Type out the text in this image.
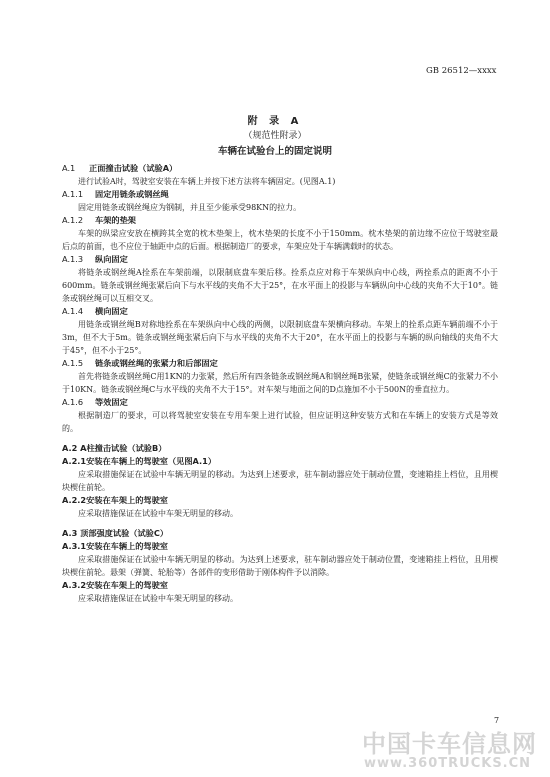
GB 26512—xxxx
附 录 A
（规范性附录）
车辆在试验台上的固定说明
A.1 正面撞击试验（试验A）

进行试验A时，驾驶室安装在车辆上并按下述方法将车辆固定。(见图A.1)

A.1.1 固定用链条或钢丝绳

固定用链条或钢丝绳应为钢制，并且至少能承受98KN的拉力。

A.1.2 车架的垫架

车架的纵梁应安放在横跨其全宽的枕木垫架上，枕木垫架的长度不小于150mm。枕木垫架的前边缘不应位于驾驶室最后点的前面，也不应位于轴距中点的后面。根据制造厂的要求，车架应处于车辆满载时的状态。

A.1.3 纵向固定

将链条或钢丝绳A拴系在车架前端，以限制底盘车架后移。拴系点应对称于车架纵向中心线，两拴系点的距离不小于600mm。链条或钢丝绳张紧后向下与水平线的夹角不大于25°，在水平面上的投影与车辆纵向中心线的夹角不大于10°。链条或钢丝绳可以互相交叉。

A.1.4 横向固定

用链条或钢丝绳B对称地拴系在车架纵向中心线的两侧，以限制底盘车架横向移动。车架上的拴系点距车辆前端不小于3m，但不大于5m。链条或钢丝绳张紧后向下与水平线的夹角不大于20°，在水平面上的投影与车辆的纵向轴线的夹角不大于45°，但不小于25°。

A.1.5 链条或钢丝绳的张紧力和后部固定

首先将链条或钢丝绳C用1KN的力张紧，然后所有四条链条或钢丝绳A和钢丝绳B张紧，使链条或钢丝绳C的张紧力不小于10KN。链条或钢丝绳C与水平线的夹角不大于15°。对车架与地面之间的D点施加不小于500N的垂直拉力。

A.1.6 等效固定

根据制造厂的要求，可以将驾驶室安装在专用车架上进行试验，但应证明这种安装方式和在车辆上的安装方式是等效的。

A.2 A柱撞击试验（试验B）
A.2.1安装在车辆上的驾驶室（见图A.1）

应采取措施保证在试验中车辆无明显的移动。为达到上述要求，驻车制动器应处于制动位置，变速箱挂上档位，且用楔块楔住前轮。

A.2.2安装在车架上的驾驶室

应采取措施保证在试验中车架无明显的移动。

A.3 顶部强度试验（试验C）
A.3.1安装在车辆上的驾驶室

应采取措施保证在试验中车辆无明显的移动。为达到上述要求，驻车制动器应处于制动位置，变速箱挂上档位，且用楔块楔住前轮。悬架（弹簧、轮胎等）各部件的变形借助于刚体构件予以消除。

A.3.2安装在车架上的驾驶室

应采取措施保证在试验中车架无明显的移动。

7
中国卡车信息网
www.360TRUCKS.CN
